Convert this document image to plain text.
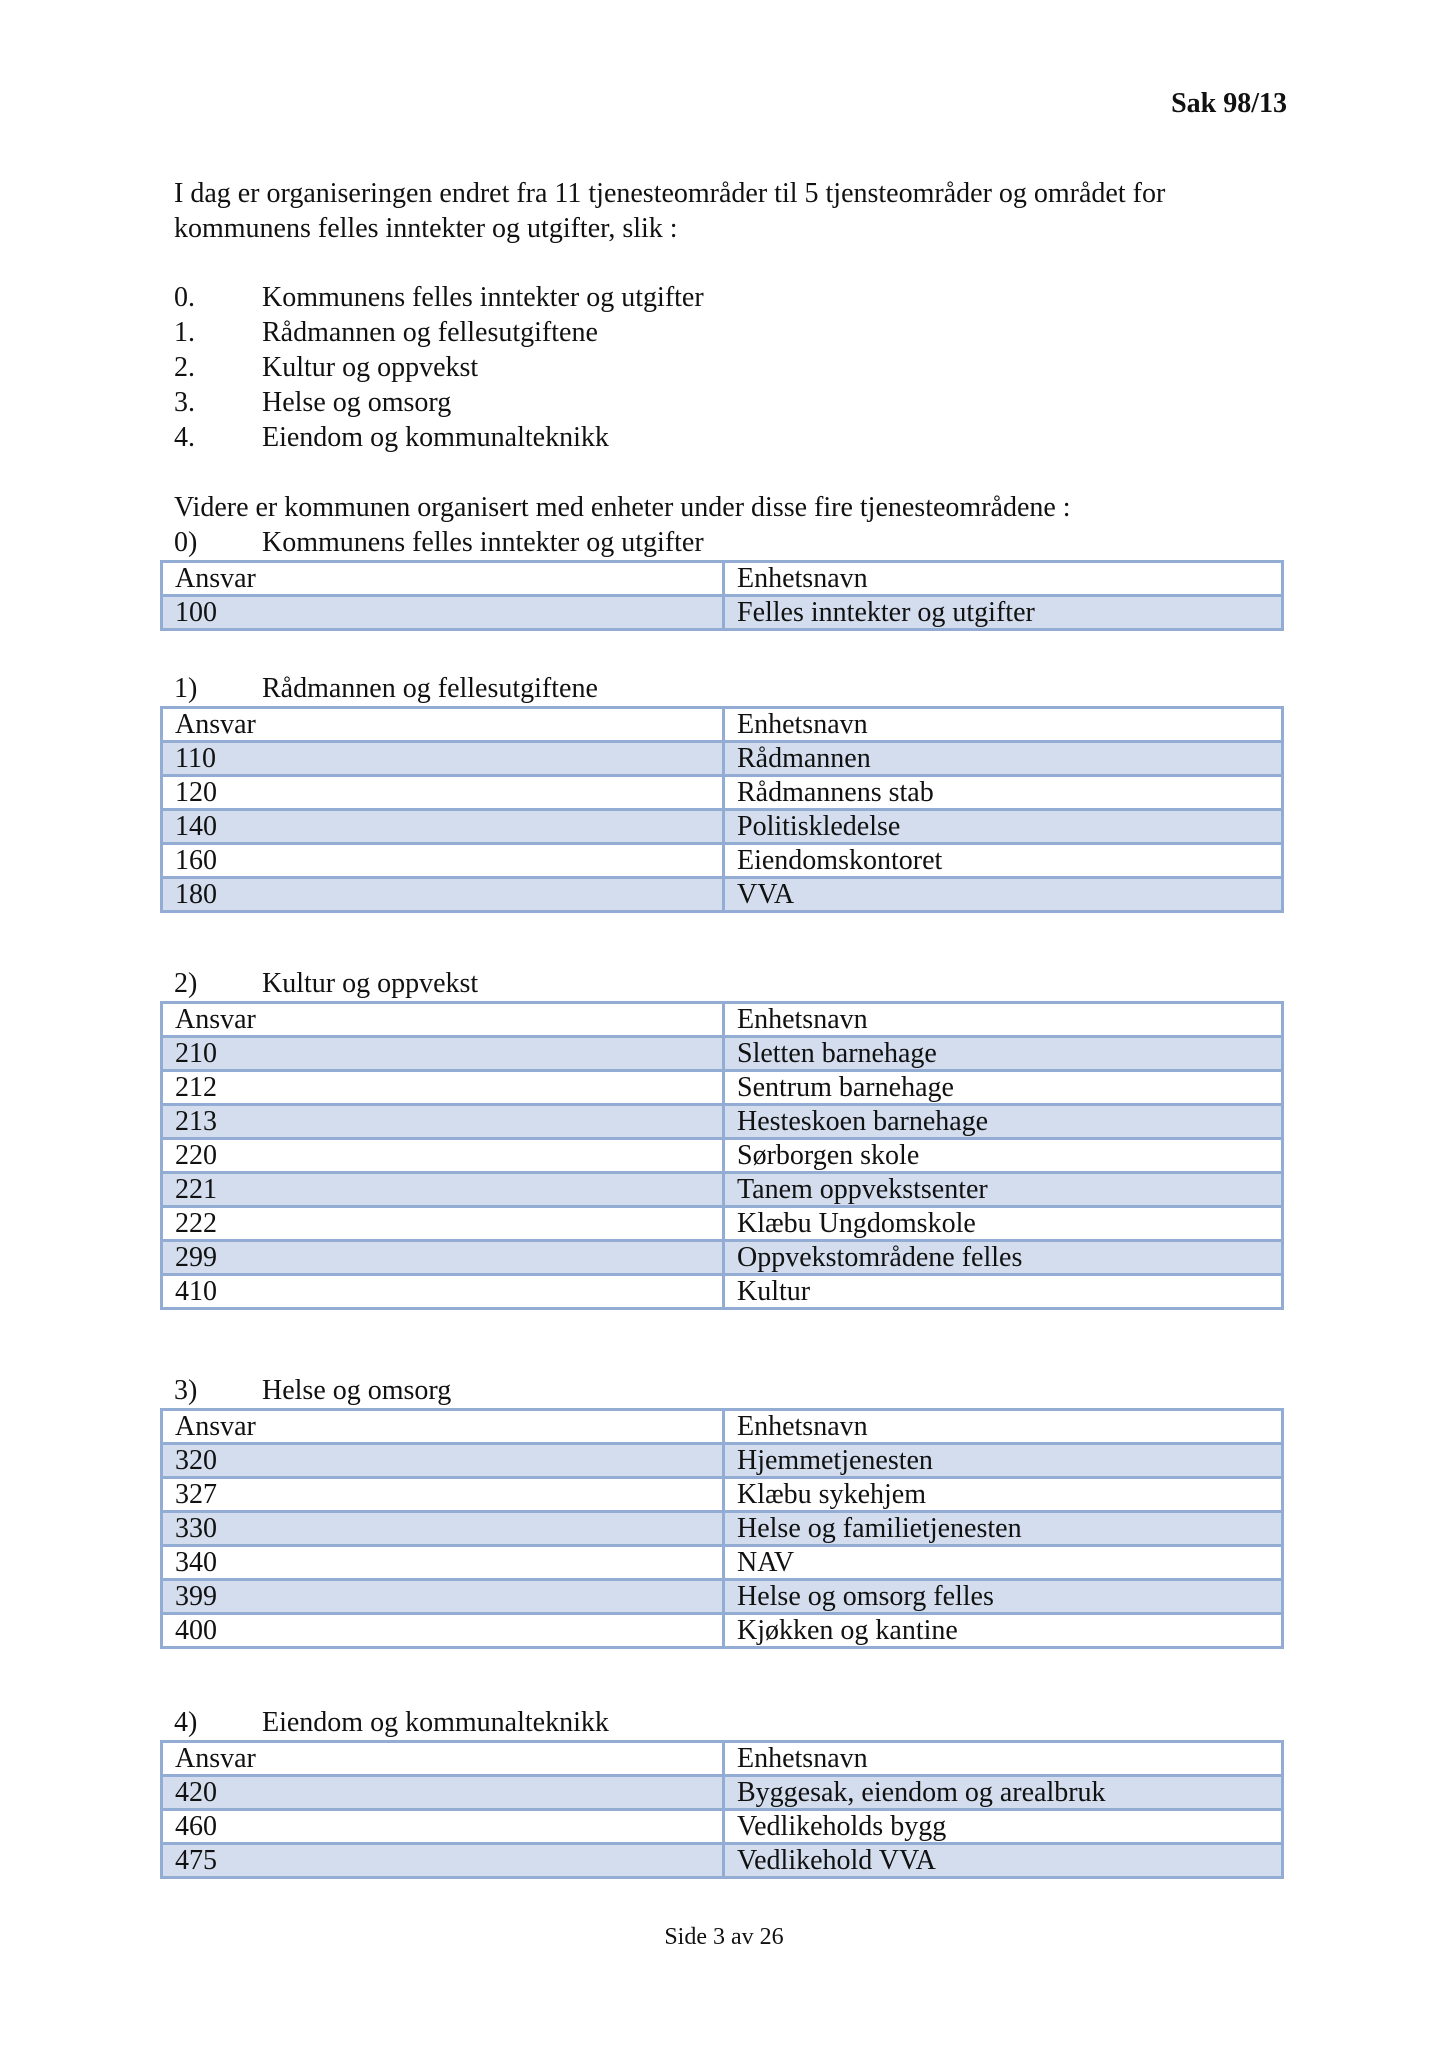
Sak 98/13
I dag er organiseringen endret fra 11 tjenesteområder til 5 tjensteområder og området for kommunens felles inntekter og utgifter, slik :
0.	Kommunens felles inntekter og utgifter
1.	Rådmannen og fellesutgiftene
2.	Kultur og oppvekst
3.	Helse og omsorg
4.	Eiendom og kommunalteknikk
Videre er kommunen organisert med enheter under disse fire tjenesteområdene :
0)	Kommunens felles inntekter og utgifter
Ansvar	Enhetsnavn
100	Felles inntekter og utgifter
1)	Rådmannen og fellesutgiftene
Ansvar	Enhetsnavn
110	Rådmannen
120	Rådmannens stab
140	Politiskledelse
160	Eiendomskontoret
180	VVA
2)	Kultur og oppvekst
Ansvar	Enhetsnavn
210	Sletten barnehage
212	Sentrum barnehage
213	Hesteskoen barnehage
220	Sørborgen skole
221	Tanem oppvekstsenter
222	Klæbu Ungdomskole
299	Oppvekstområdene felles
410	Kultur
3)	Helse og omsorg
Ansvar	Enhetsnavn
320	Hjemmetjenesten
327	Klæbu sykehjem
330	Helse og familietjenesten
340	NAV
399	Helse og omsorg felles
400	Kjøkken og kantine
4)	Eiendom og kommunalteknikk
Ansvar	Enhetsnavn
420	Byggesak, eiendom og arealbruk
460	Vedlikeholds bygg
475	Vedlikehold VVA
Side 3 av 26
